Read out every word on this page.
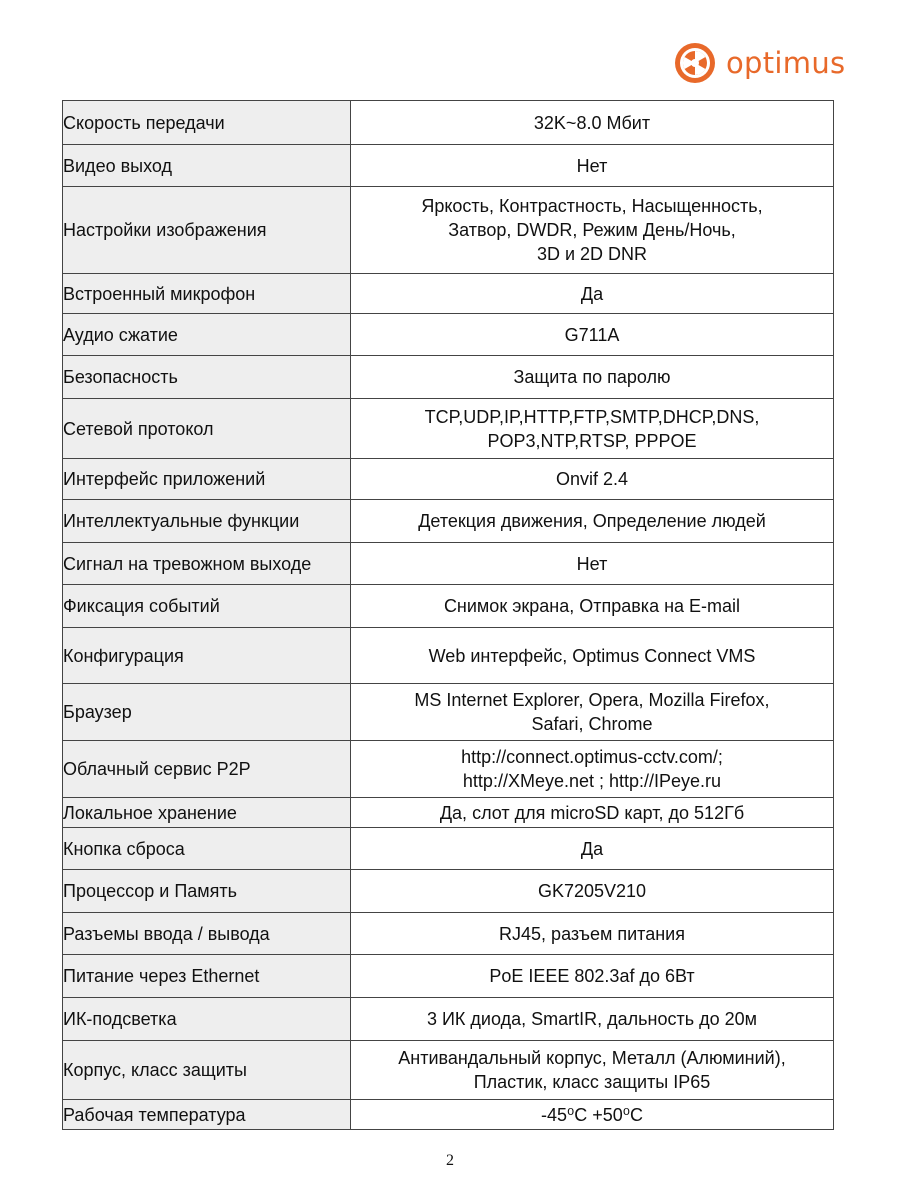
optimus
Скорость передачи	32K~8.0 Мбит

Видео выход	Нет

Настройки изображения	Яркость, Контрастность, Насыщенность,
Затвор, DWDR, Режим День/Ночь,
3D и 2D DNR

Встроенный микрофон	Да

Аудио сжатие	G711A

Безопасность	Защита по паролю

Сетевой протокол	TCP,UDP,IP,HTTP,FTP,SMTP,DHCP,DNS,
POP3,NTP,RTSP, PPPOE

Интерфейс приложений	Onvif 2.4

Интеллектуальные функции	Детекция движения, Определение людей

Сигнал на тревожном выходе	Нет

Фиксация событий	Снимок экрана, Отправка на E-mail

Конфигурация	Web интерфейс, Optimus Connect VMS

Браузер	MS Internet Explorer, Opera, Mozilla Firefox,
Safari, Chrome

Облачный сервис P2P	http://connect.optimus-cctv.com/;
http://XMeye.net ; http://IPeye.ru

Локальное хранение	Да, слот для microSD карт, до 512Гб

Кнопка сброса	Да

Процессор и Память	GK7205V210

Разъемы ввода / вывода	RJ45, разъем питания

Питание через Ethernet	PoE IEEE 802.3af до 6Вт

ИК-подсветка	3 ИК диода, SmartIR, дальность до 20м

Корпус, класс защиты	Антивандальный корпус, Металл (Алюминий),
Пластик, класс защиты IP65

Рабочая температура	-45⁰C +50⁰C
2
